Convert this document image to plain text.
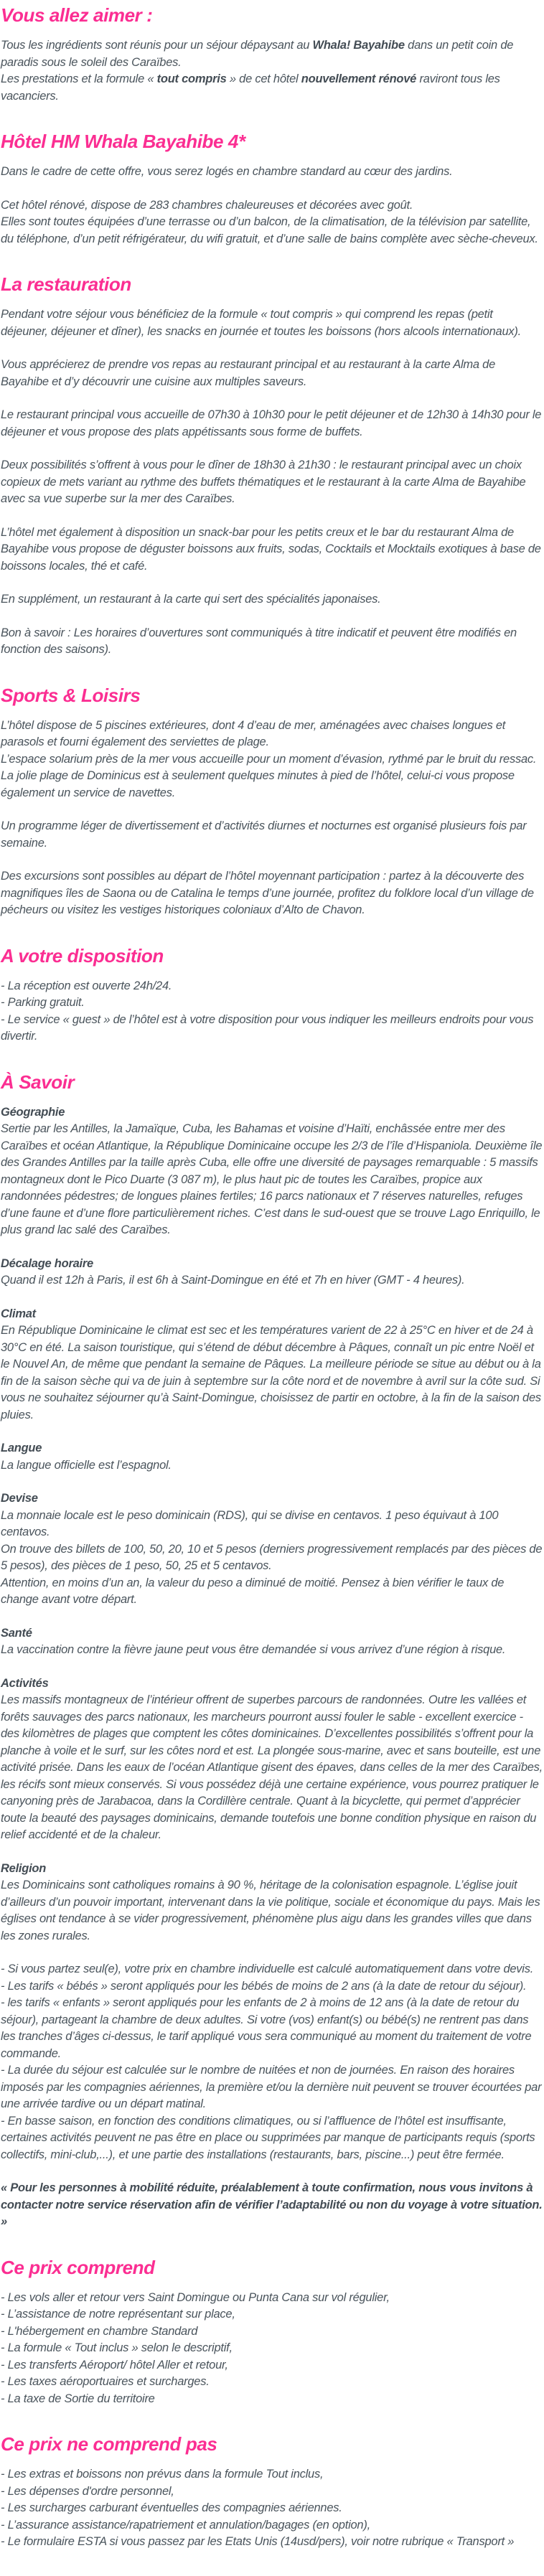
Vous allez aimer :

Tous les ingrédients sont réunis pour un séjour dépaysant au Whala! Bayahibe dans un petit coin de paradis sous le soleil des Caraïbes.
Les prestations et la formule « tout compris » de cet hôtel nouvellement rénové raviront tous les vacanciers.

Hôtel HM Whala Bayahibe 4*

Dans le cadre de cette offre, vous serez logés en chambre standard au cœur des jardins.

Cet hôtel rénové, dispose de 283 chambres chaleureuses et décorées avec goût.
Elles sont toutes équipées d’une terrasse ou d’un balcon, de la climatisation, de la télévision par satellite, du téléphone, d’un petit réfrigérateur, du wifi gratuit, et d’une salle de bains complète avec sèche-cheveux.

La restauration

Pendant votre séjour vous bénéficiez de la formule « tout compris » qui comprend les repas (petit déjeuner, déjeuner et dîner), les snacks en journée et toutes les boissons (hors alcools internationaux).

Vous apprécierez de prendre vos repas au restaurant principal et au restaurant à la carte Alma de Bayahibe et d’y découvrir une cuisine aux multiples saveurs.

Le restaurant principal vous accueille de 07h30 à 10h30 pour le petit déjeuner et de 12h30 à 14h30 pour le déjeuner et vous propose des plats appétissants sous forme de buffets.

Deux possibilités s’offrent à vous pour le dîner de 18h30 à 21h30 : le restaurant principal avec un choix copieux de mets variant au rythme des buffets thématiques et le restaurant à la carte Alma de Bayahibe avec sa vue superbe sur la mer des Caraïbes.

L’hôtel met également à disposition un snack-bar pour les petits creux et le bar du restaurant Alma de Bayahibe vous propose de déguster boissons aux fruits, sodas, Cocktails et Mocktails exotiques à base de boissons locales, thé et café.

En supplément, un restaurant à la carte qui sert des spécialités japonaises.

Bon à savoir : Les horaires d’ouvertures sont communiqués à titre indicatif et peuvent être modifiés en fonction des saisons).

Sports & Loisirs

L’hôtel dispose de 5 piscines extérieures, dont 4 d’eau de mer, aménagées avec chaises longues et parasols et fourni également des serviettes de plage.
L’espace solarium près de la mer vous accueille pour un moment d’évasion, rythmé par le bruit du ressac.
La jolie plage de Dominicus est à seulement quelques minutes à pied de l’hôtel, celui-ci vous propose également un service de navettes.

Un programme léger de divertissement et d’activités diurnes et nocturnes est organisé plusieurs fois par semaine.

Des excursions sont possibles au départ de l’hôtel moyennant participation : partez à la découverte des magnifiques îles de Saona ou de Catalina le temps d’une journée, profitez du folklore local d’un village de pécheurs ou visitez les vestiges historiques coloniaux d’Alto de Chavon.

A votre disposition

- La réception est ouverte 24h/24.
- Parking gratuit.
- Le service « guest » de l’hôtel est à votre disposition pour vous indiquer les meilleurs endroits pour vous divertir.

À Savoir

Géographie
Sertie par les Antilles, la Jamaïque, Cuba, les Bahamas et voisine d’Haïti, enchâssée entre mer des Caraïbes et océan Atlantique, la République Dominicaine occupe les 2/3 de l’île d’Hispaniola. Deuxième île des Grandes Antilles par la taille après Cuba, elle offre une diversité de paysages remarquable : 5 massifs montagneux dont le Pico Duarte (3 087 m), le plus haut pic de toutes les Caraïbes, propice aux randonnées pédestres; de longues plaines fertiles; 16 parcs nationaux et 7 réserves naturelles, refuges d’une faune et d’une flore particulièrement riches. C’est dans le sud-ouest que se trouve Lago Enriquillo, le plus grand lac salé des Caraïbes.

Décalage horaire
Quand il est 12h à Paris, il est 6h à Saint-Domingue en été et 7h en hiver (GMT - 4 heures).

Climat
En République Dominicaine le climat est sec et les températures varient de 22 à 25°C en hiver et de 24 à 30°C en été. La saison touristique, qui s’étend de début décembre à Pâques, connaît un pic entre Noël et le Nouvel An, de même que pendant la semaine de Pâques. La meilleure période se situe au début ou à la fin de la saison sèche qui va de juin à septembre sur la côte nord et de novembre à avril sur la côte sud. Si vous ne souhaitez séjourner qu’à Saint-Domingue, choisissez de partir en octobre, à la fin de la saison des pluies.

Langue
La langue officielle est l’espagnol.

Devise
La monnaie locale est le peso dominicain (RDS), qui se divise en centavos. 1 peso équivaut à 100 centavos.
On trouve des billets de 100, 50, 20, 10 et 5 pesos (derniers progressivement remplacés par des pièces de 5 pesos), des pièces de 1 peso, 50, 25 et 5 centavos.
Attention, en moins d’un an, la valeur du peso a diminué de moitié. Pensez à bien vérifier le taux de change avant votre départ.

Santé
La vaccination contre la fièvre jaune peut vous être demandée si vous arrivez d’une région à risque.

Activités
Les massifs montagneux de l’intérieur offrent de superbes parcours de randonnées. Outre les vallées et forêts sauvages des parcs nationaux, les marcheurs pourront aussi fouler le sable - excellent exercice - des kilomètres de plages que comptent les côtes dominicaines. D’excellentes possibilités s’offrent pour la planche à voile et le surf, sur les côtes nord et est. La plongée sous-marine, avec et sans bouteille, est une activité prisée. Dans les eaux de l’océan Atlantique gisent des épaves, dans celles de la mer des Caraïbes, les récifs sont mieux conservés. Si vous possédez déjà une certaine expérience, vous pourrez pratiquer le canyoning près de Jarabacoa, dans la Cordillère centrale. Quant à la bicyclette, qui permet d’apprécier toute la beauté des paysages dominicains, demande toutefois une bonne condition physique en raison du relief accidenté et de la chaleur.

Religion
Les Dominicains sont catholiques romains à 90 %, héritage de la colonisation espagnole. L’église jouit d’ailleurs d’un pouvoir important, intervenant dans la vie politique, sociale et économique du pays. Mais les églises ont tendance à se vider progressivement, phénomène plus aigu dans les grandes villes que dans les zones rurales.

- Si vous partez seul(e), votre prix en chambre individuelle est calculé automatiquement dans votre devis.
- Les tarifs « bébés » seront appliqués pour les bébés de moins de 2 ans (à la date de retour du séjour).
- les tarifs « enfants » seront appliqués pour les enfants de 2 à moins de 12 ans (à la date de retour du séjour), partageant la chambre de deux adultes. Si votre (vos) enfant(s) ou bébé(s) ne rentrent pas dans les tranches d’âges ci-dessus, le tarif appliqué vous sera communiqué au moment du traitement de votre commande.
- La durée du séjour est calculée sur le nombre de nuitées et non de journées. En raison des horaires imposés par les compagnies aériennes, la première et/ou la dernière nuit peuvent se trouver écourtées par une arrivée tardive ou un départ matinal.
- En basse saison, en fonction des conditions climatiques, ou si l’affluence de l’hôtel est insuffisante, certaines activités peuvent ne pas être en place ou supprimées par manque de participants requis (sports collectifs, mini-club,...), et une partie des installations (restaurants, bars, piscine...) peut être fermée.

« Pour les personnes à mobilité réduite, préalablement à toute confirmation, nous vous invitons à contacter notre service réservation afin de vérifier l’adaptabilité ou non du voyage à votre situation. »

Ce prix comprend

- Les vols aller et retour vers Saint Domingue ou Punta Cana sur vol régulier,
- L’assistance de notre représentant sur place,
- L'hébergement en chambre Standard
- La formule « Tout inclus » selon le descriptif,
- Les transferts Aéroport/ hôtel Aller et retour,
- Les taxes aéroportuaires et surcharges.
- La taxe de Sortie du territoire

Ce prix ne comprend pas

- Les extras et boissons non prévus dans la formule Tout inclus,
- Les dépenses d'ordre personnel,
- Les surcharges carburant éventuelles des compagnies aériennes.
- L’assurance assistance/rapatriement et annulation/bagages (en option),
- Le formulaire ESTA si vous passez par les Etats Unis (14usd/pers), voir notre rubrique « Transport »
